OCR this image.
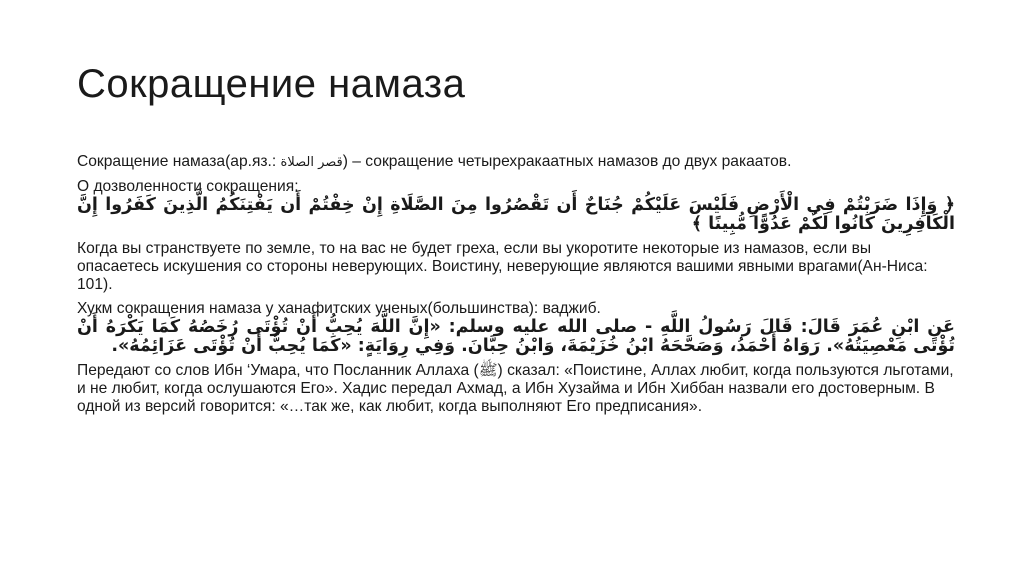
Сокращение намаза

Сокращение намаза(ар.яз.: قصر الصلاة) – сокращение четырехракаатных намазов до двух ракаатов.

О дозволенности сокращения:

﴿ وَإِذَا ضَرَبْتُمْ فِي الْأَرْضِ فَلَيْسَ عَلَيْكُمْ جُنَاحٌ أَن تَقْصُرُوا مِنَ الصَّلَاةِ إِنْ خِفْتُمْ أَن يَفْتِنَكُمُ الَّذِينَ كَفَرُوا إِنَّ الْكَافِرِينَ كَانُوا لَكُمْ عَدُوًّا مُّبِينًا ﴾

Когда вы странствуете по земле, то на вас не будет греха, если вы укоротите некоторые из намазов, если вы опасаетесь искушения со стороны неверующих. Воистину, неверующие являются вашими явными врагами(Ан-Ниса: 101).

Хукм сокращения намаза у ханафитских ученых(большинства): ваджиб.

عَنِ ابْنِ عُمَرَ قَالَ: قَالَ رَسُولُ اللَّهِ - صلى الله عليه وسلم: «إِنَّ اللَّهَ يُحِبُّ أَنْ تُؤْتَى رُخَصُهُ كَمَا يَكْرَهُ أَنْ تُؤْتَى مَعْصِيَتُهُ». رَوَاهُ أَحْمَدُ، وَصَحَّحَهُ ابْنُ خُزَيْمَةَ، وَابْنُ حِبَّانَ. وَفِي رِوَايَةٍ: «كَمَا يُحِبُّ أَنْ تُؤْتَى عَزَائِمُهُ».

Передают со слов Ибн ‘Умара, что Посланник Аллаха (ﷺ) сказал: «Поистине, Аллах любит, когда пользуются льготами, и не любит, когда ослушаются Его». Хадис передал Ахмад, а Ибн Хузайма и Ибн Хиббан назвали его достоверным. В одной из версий говорится: «…так же, как любит, когда выполняют Его предписания».
